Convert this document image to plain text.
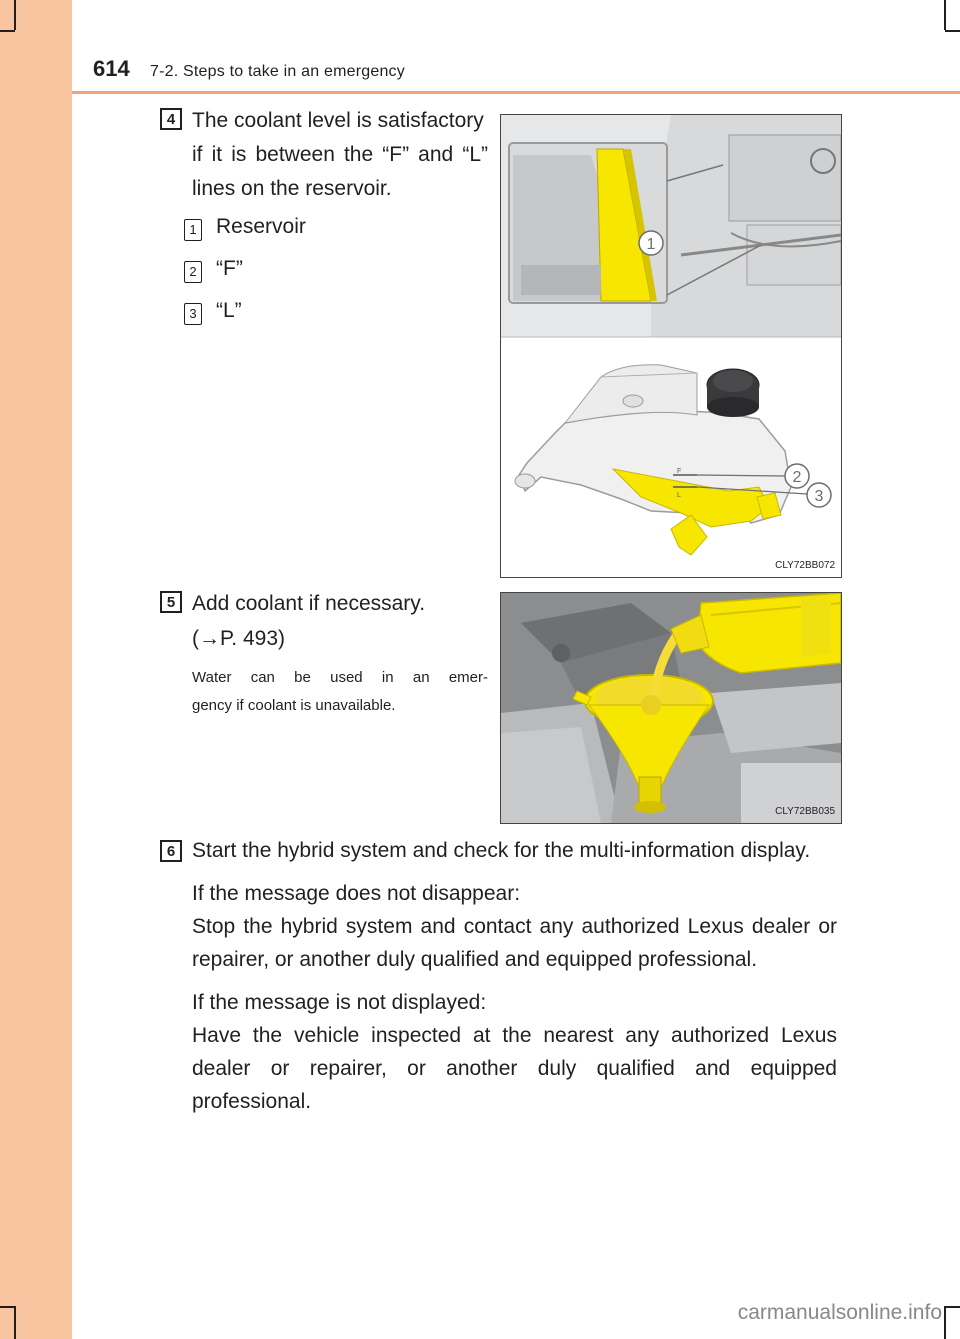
614 7-2. Steps to take in an emergency
4 The coolant level is satisfactory
if it is between the “F” and “L”
lines on the reservoir.
1 Reservoir
2 “F”
3 “L”
1
F
L
2
3
CLY72BB072
5 Add coolant if necessary.
(→P. 493)
Water can be used in an emer-
gency if coolant is unavailable.
CLY72BB035
6 Start the hybrid system and check for the multi-information display.
If the message does not disappear:
Stop the hybrid system and contact any authorized Lexus dealer or repairer, or another duly qualified and equipped professional.
If the message is not displayed:
Have the vehicle inspected at the nearest any authorized Lexus dealer or repairer, or another duly qualified and equipped professional.
carmanualsonline.info
